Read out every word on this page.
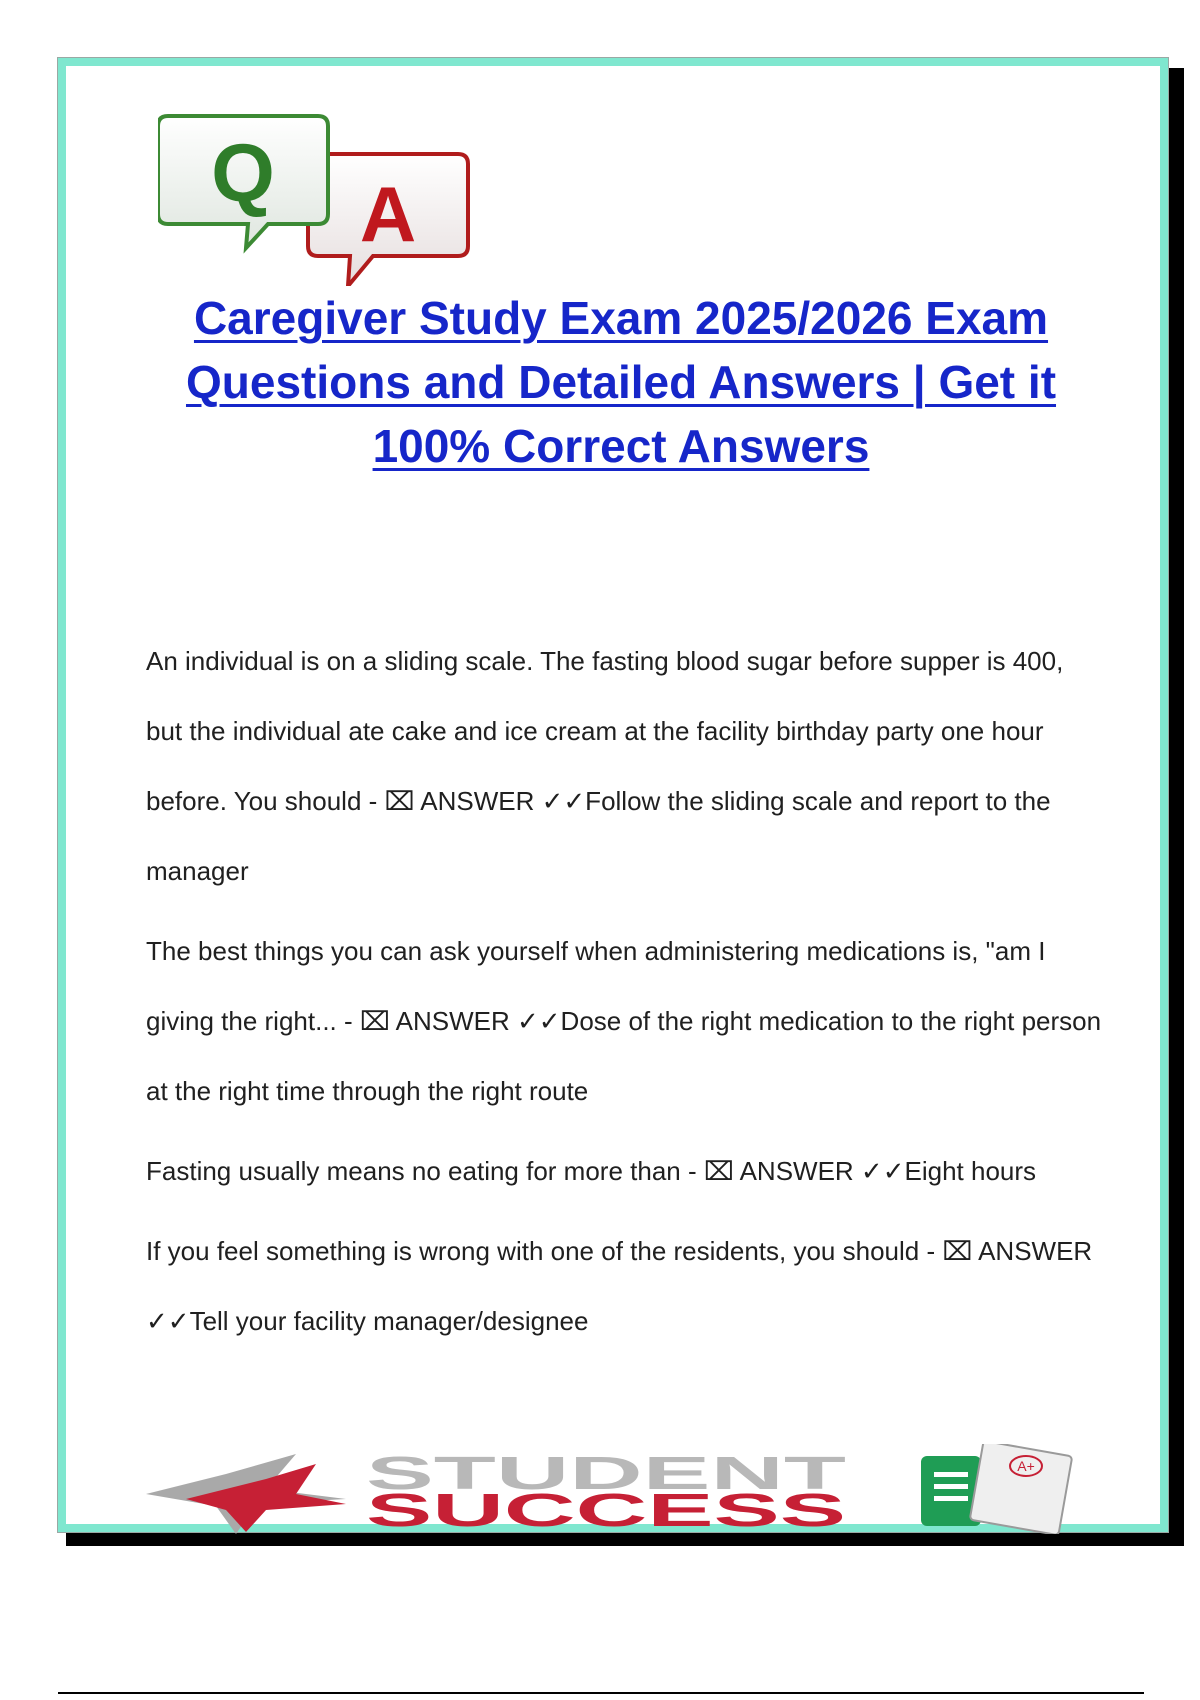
Q A
Caregiver Study Exam 2025/2026 Exam Questions and Detailed Answers | Get it 100% Correct Answers

An individual is on a sliding scale. The fasting blood sugar before supper is 400, but the individual ate cake and ice cream at the facility birthday party one hour before. You should - ⌧ ANSWER ✓✓Follow the sliding scale and report to the manager

The best things you can ask yourself when administering medications is, "am I giving the right... - ⌧ ANSWER ✓✓Dose of the right medication to the right person at the right time through the right route

Fasting usually means no eating for more than - ⌧ ANSWER ✓✓Eight hours

If you feel something is wrong with one of the residents, you should - ⌧ ANSWER ✓✓Tell your facility manager/designee

STUDENT
SUCCESS
A+
